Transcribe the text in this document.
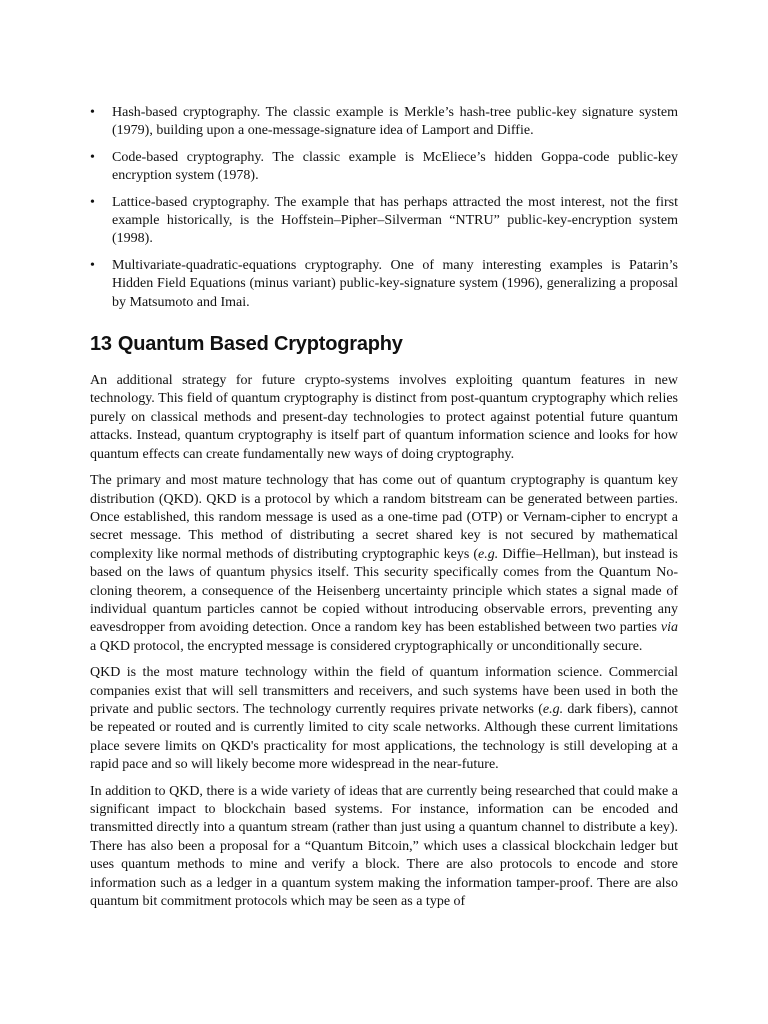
•	Hash-based cryptography. The classic example is Merkle’s hash-tree public-key signature system (1979), building upon a one-message-signature idea of Lamport and Diffie.
•	Code-based cryptography. The classic example is McEliece’s hidden Goppa-code public-key encryption system (1978).
•	Lattice-based cryptography. The example that has perhaps attracted the most interest, not the first example historically, is the Hoffstein–Pipher–Silverman “NTRU” public-key-encryption system (1998).
•	Multivariate-quadratic-equations cryptography. One of many interesting examples is Patarin’s Hidden Field Equations (minus variant) public-key-signature system (1996), generalizing a proposal by Matsumoto and Imai.
13 Quantum Based Cryptography

An additional strategy for future crypto-systems involves exploiting quantum features in new technology. This field of quantum cryptography is distinct from post-quantum cryptography which relies purely on classical methods and present-day technologies to protect against potential future quantum attacks. Instead, quantum cryptography is itself part of quantum information science and looks for how quantum effects can create fundamentally new ways of doing cryptography.

The primary and most mature technology that has come out of quantum cryptography is quantum key distribution (QKD). QKD is a protocol by which a random bitstream can be generated between parties. Once established, this random message is used as a one-time pad (OTP) or Vernam-cipher to encrypt a secret message. This method of distributing a secret shared key is not secured by mathematical complexity like normal methods of distributing cryptographic keys (e.g. Diffie–Hellman), but instead is based on the laws of quantum physics itself. This security specifically comes from the Quantum No-cloning theorem, a consequence of the Heisenberg uncertainty principle which states a signal made of individual quantum particles cannot be copied without introducing observable errors, preventing any eavesdropper from avoiding detection. Once a random key has been established between two parties via a QKD protocol, the encrypted message is considered cryptographically or unconditionally secure.

QKD is the most mature technology within the field of quantum information science. Commercial companies exist that will sell transmitters and receivers, and such systems have been used in both the private and public sectors. The technology currently requires private networks (e.g. dark fibers), cannot be repeated or routed and is currently limited to city scale networks. Although these current limitations place severe limits on QKD's practicality for most applications, the technology is still developing at a rapid pace and so will likely become more widespread in the near-future.

In addition to QKD, there is a wide variety of ideas that are currently being researched that could make a significant impact to blockchain based systems. For instance, information can be encoded and transmitted directly into a quantum stream (rather than just using a quantum channel to distribute a key). There has also been a proposal for a “Quantum Bitcoin,” which uses a classical blockchain ledger but uses quantum methods to mine and verify a block. There are also protocols to encode and store information such as a ledger in a quantum system making the information tamper-proof. There are also quantum bit commitment protocols which may be seen as a type of
